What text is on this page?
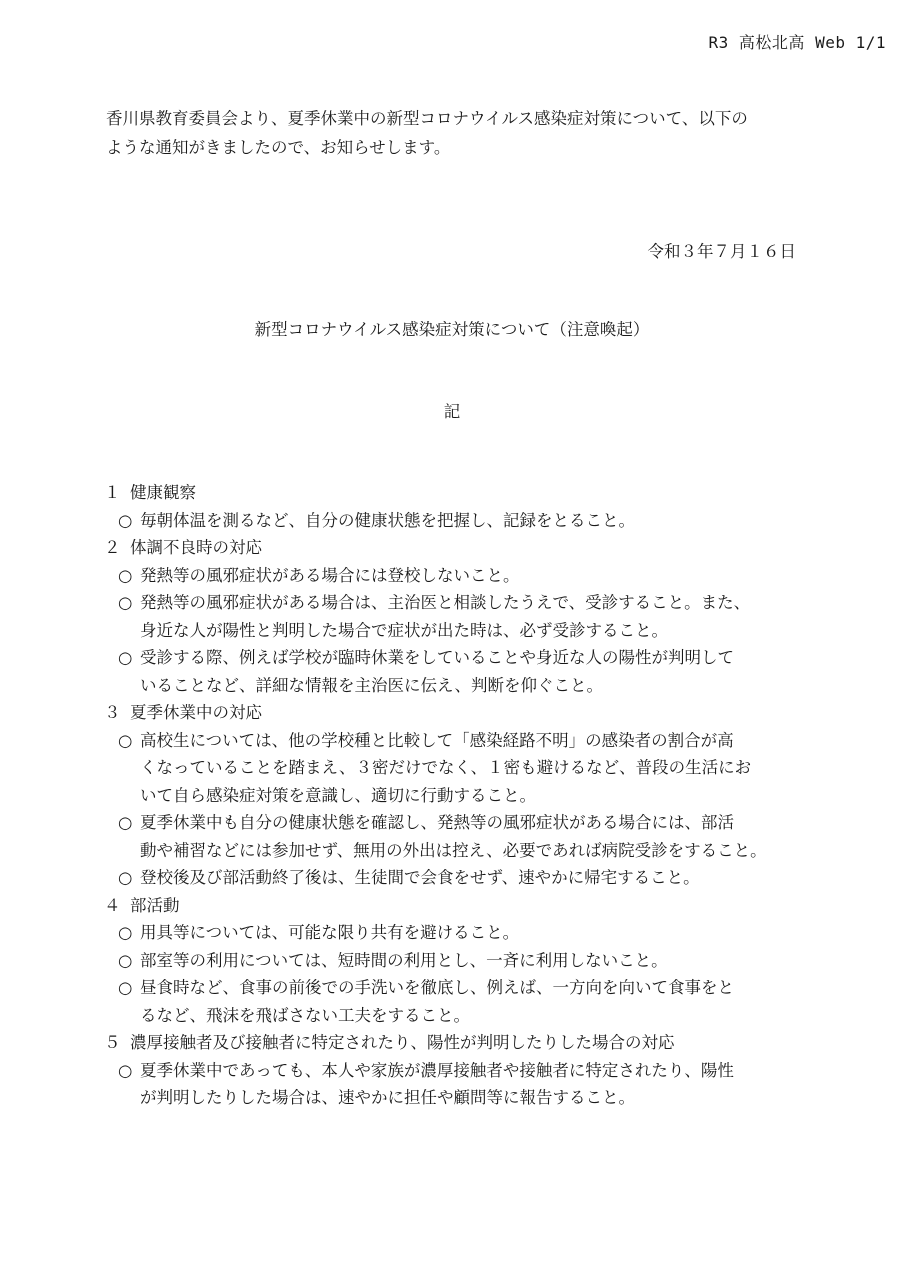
R3 高松北高 Web 1/1
香川県教育委員会より、夏季休業中の新型コロナウイルス感染症対策について、以下の
ような通知がきましたので、お知らせします。
令和３年７月１６日
新型コロナウイルス感染症対策について（注意喚起）
記
１ 健康観察
○ 毎朝体温を測るなど、自分の健康状態を把握し、記録をとること。
２ 体調不良時の対応
○ 発熱等の風邪症状がある場合には登校しないこと。
○ 発熱等の風邪症状がある場合は、主治医と相談したうえで、受診すること。また、
身近な人が陽性と判明した場合で症状が出た時は、必ず受診すること。
○ 受診する際、例えば学校が臨時休業をしていることや身近な人の陽性が判明して
いることなど、詳細な情報を主治医に伝え、判断を仰ぐこと。
３ 夏季休業中の対応
○ 高校生については、他の学校種と比較して「感染経路不明」の感染者の割合が高
くなっていることを踏まえ、３密だけでなく、１密も避けるなど、普段の生活にお
いて自ら感染症対策を意識し、適切に行動すること。
○ 夏季休業中も自分の健康状態を確認し、発熱等の風邪症状がある場合には、部活
動や補習などには参加せず、無用の外出は控え、必要であれば病院受診をすること。
○ 登校後及び部活動終了後は、生徒間で会食をせず、速やかに帰宅すること。
４ 部活動
○ 用具等については、可能な限り共有を避けること。
○ 部室等の利用については、短時間の利用とし、一斉に利用しないこと。
○ 昼食時など、食事の前後での手洗いを徹底し、例えば、一方向を向いて食事をと
るなど、飛沫を飛ばさない工夫をすること。
５ 濃厚接触者及び接触者に特定されたり、陽性が判明したりした場合の対応
○ 夏季休業中であっても、本人や家族が濃厚接触者や接触者に特定されたり、陽性
が判明したりした場合は、速やかに担任や顧問等に報告すること。
